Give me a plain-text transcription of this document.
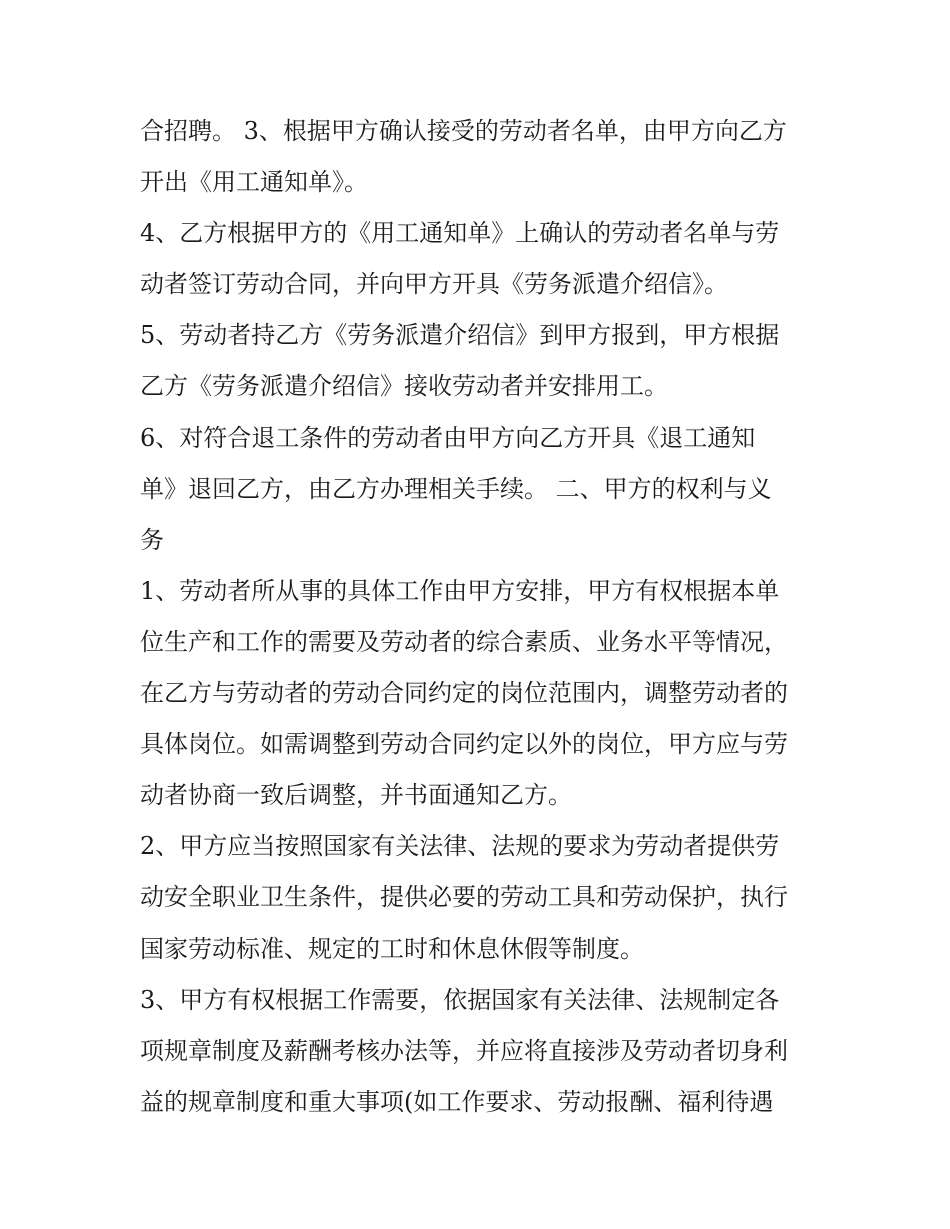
合招聘。 3、根据甲方确认接受的劳动者名单，由甲方向乙方
开出《用工通知单》。
4、乙方根据甲方的《用工通知单》上确认的劳动者名单与劳
动者签订劳动合同，并向甲方开具《劳务派遣介绍信》。
5、劳动者持乙方《劳务派遣介绍信》到甲方报到，甲方根据
乙方《劳务派遣介绍信》接收劳动者并安排用工。
6、对符合退工条件的劳动者由甲方向乙方开具《退工通知
单》退回乙方，由乙方办理相关手续。 二、甲方的权利与义
务
1、劳动者所从事的具体工作由甲方安排，甲方有权根据本单
位生产和工作的需要及劳动者的综合素质、业务水平等情况，
在乙方与劳动者的劳动合同约定的岗位范围内，调整劳动者的
具体岗位。如需调整到劳动合同约定以外的岗位，甲方应与劳
动者协商一致后调整，并书面通知乙方。
2、甲方应当按照国家有关法律、法规的要求为劳动者提供劳
动安全职业卫生条件，提供必要的劳动工具和劳动保护，执行
国家劳动标准、规定的工时和休息休假等制度。
3、甲方有权根据工作需要，依据国家有关法律、法规制定各
项规章制度及薪酬考核办法等，并应将直接涉及劳动者切身利
益的规章制度和重大事项(如工作要求、劳动报酬、福利待遇
